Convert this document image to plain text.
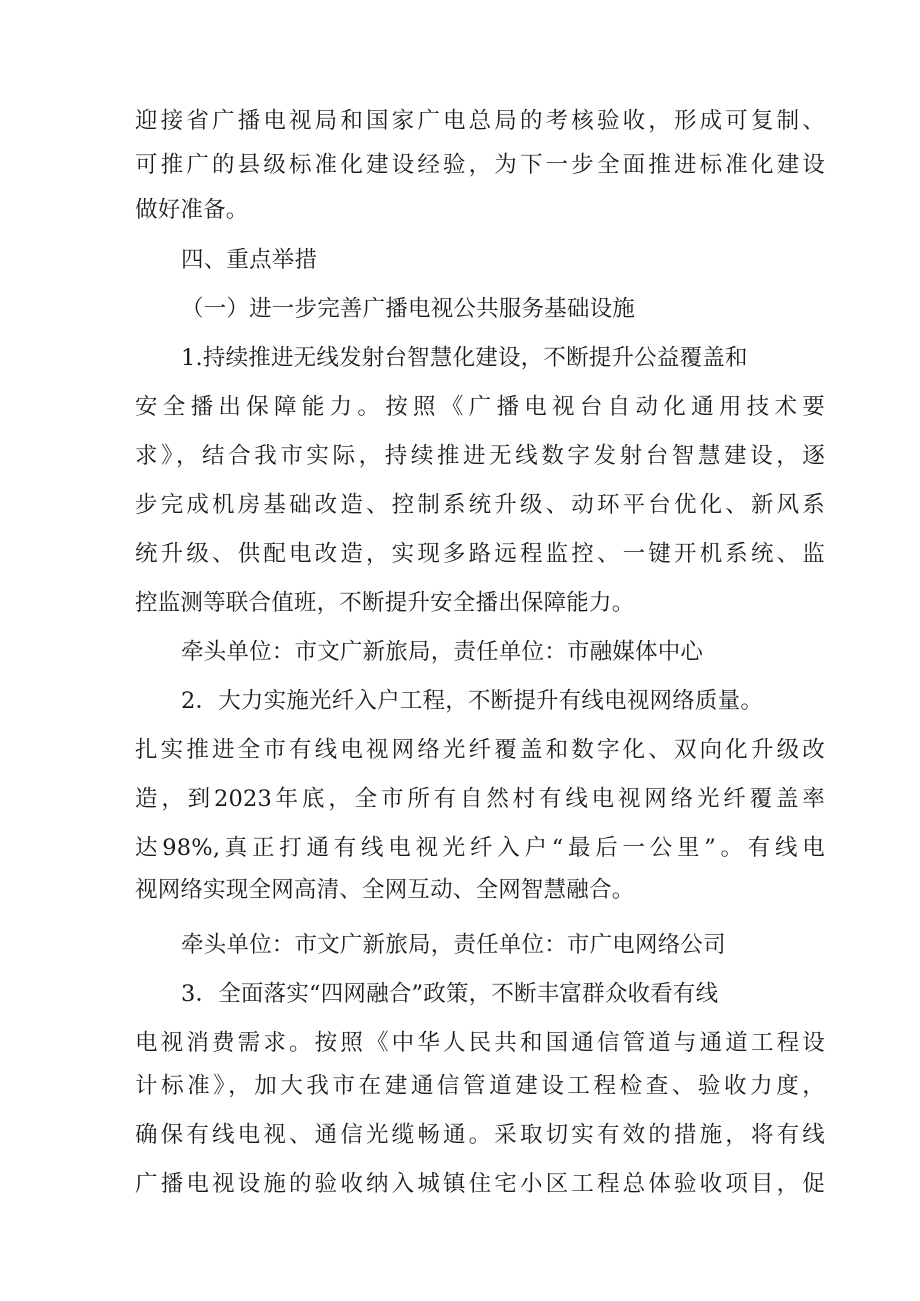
迎接省广播电视局和国家广电总局的考核验收，形成可复制、
可推广的县级标准化建设经验，为下一步全面推进标准化建设
做好准备。
四、重点举措
（一）进一步完善广播电视公共服务基础设施
1.持续推进无线发射台智慧化建设，不断提升公益覆盖和
安全播出保障能力。按照《广播电视台自动化通用技术要
求》，结合我市实际，持续推进无线数字发射台智慧建设，逐
步完成机房基础改造、控制系统升级、动环平台优化、新风系
统升级、供配电改造，实现多路远程监控、一键开机系统、监
控监测等联合值班，不断提升安全播出保障能力。
牵头单位：市文广新旅局，责任单位：市融媒体中心
2．大力实施光纤入户工程，不断提升有线电视网络质量。
扎实推进全市有线电视网络光纤覆盖和数字化、双向化升级改
造，到2023年底，全市所有自然村有线电视网络光纤覆盖率
达98%,真正打通有线电视光纤入户“最后一公里”。有线电
视网络实现全网高清、全网互动、全网智慧融合。
牵头单位：市文广新旅局，责任单位：市广电网络公司
3．全面落实“四网融合”政策，不断丰富群众收看有线
电视消费需求。按照《中华人民共和国通信管道与通道工程设
计标准》，加大我市在建通信管道建设工程检查、验收力度，
确保有线电视、通信光缆畅通。采取切实有效的措施，将有线
广播电视设施的验收纳入城镇住宅小区工程总体验收项目，促
